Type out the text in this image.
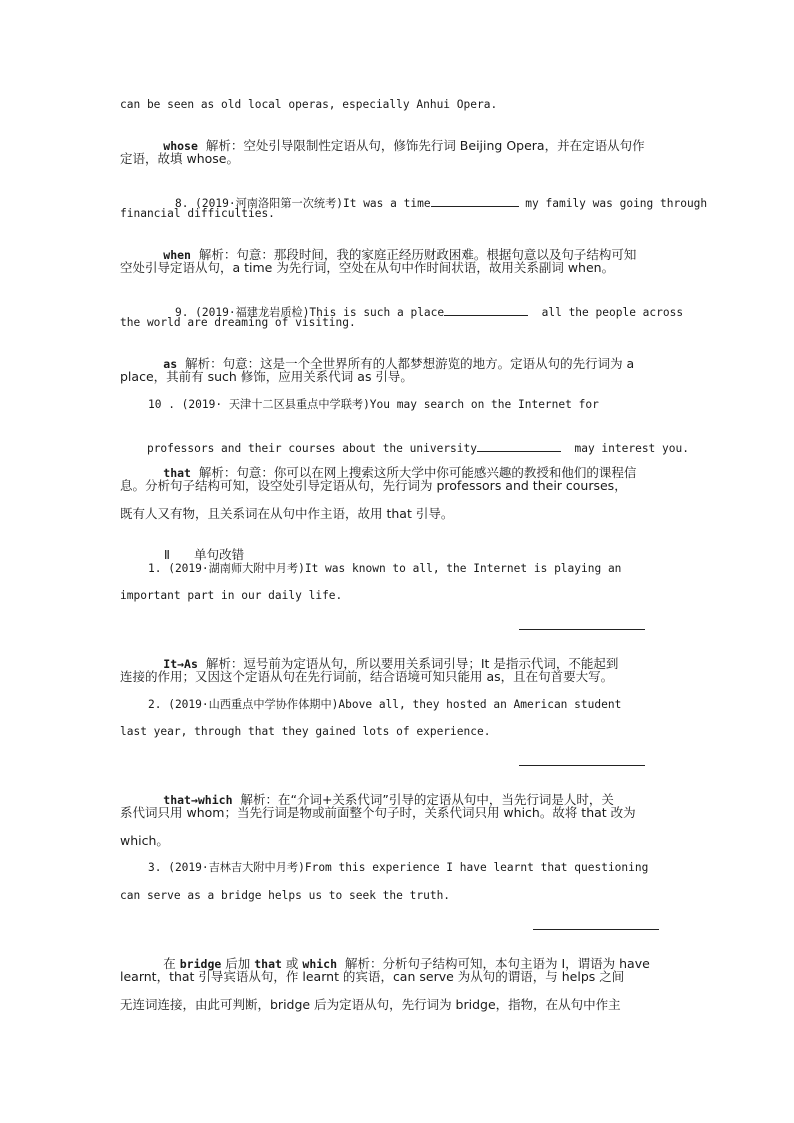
can be seen as old local operas, especially Anhui Opera.

whose  解析：空处引导限制性定语从句，修饰先行词 Beijing Opera，并在定语从句作

定语，故填 whose。

8. (2019·河南洛阳第一次统考)It was a time	my family was going through

financial difficulties.

when  解析：句意：那段时间，我的家庭正经历财政困难。根据句意以及句子结构可知

空处引导定语从句，a time 为先行词，空处在从句中作时间状语，故用关系副词 when。

9. (2019·福建龙岩质检)This is such a place	all the people across

the world are dreaming of visiting.

as  解析：句意：这是一个全世界所有的人都梦想游览的地方。定语从句的先行词为 a

place，其前有 such 修饰，应用关系代词 as 引导。
10 . (2019· 天津十二区县重点中学联考)You may search on the Internet for

professors and their courses about the university	may interest you.

that  解析：句意：你可以在网上搜索这所大学中你可能感兴趣的教授和他们的课程信

息。分析句子结构可知，设空处引导定语从句，先行词为 professors and their courses，
既有人又有物，且关系词在从句中作主语，故用 that 引导。

Ⅱ 单句改错

1. (2019·湖南师大附中月考)It was known to all, the Internet is playing an
important part in our daily life.

It→As  解析：逗号前为定语从句，所以要用关系词引导；It 是指示代词，不能起到

连接的作用；又因这个定语从句在先行词前，结合语境可知只能用 as，且在句首要大写。
2. (2019·山西重点中学协作体期中)Above all, they hosted an American student
last year, through that they gained lots of experience.

that→which  解析：在“介词+关系代词”引导的定语从句中，当先行词是人时，关

系代词只用 whom；当先行词是物或前面整个句子时，关系代词只用 which。故将 that 改为
which。
3. (2019·吉林吉大附中月考)From this experience I have learnt that questioning
can serve as a bridge helps us to seek the truth.

在 bridge 后加 that 或 which  解析：分析句子结构可知，本句主语为 I，谓语为 have

learnt，that 引导宾语从句，作 learnt 的宾语，can serve 为从句的谓语，与 helps 之间
无连词连接，由此可判断，bridge 后为定语从句，先行词为 bridge，指物，在从句中作主
